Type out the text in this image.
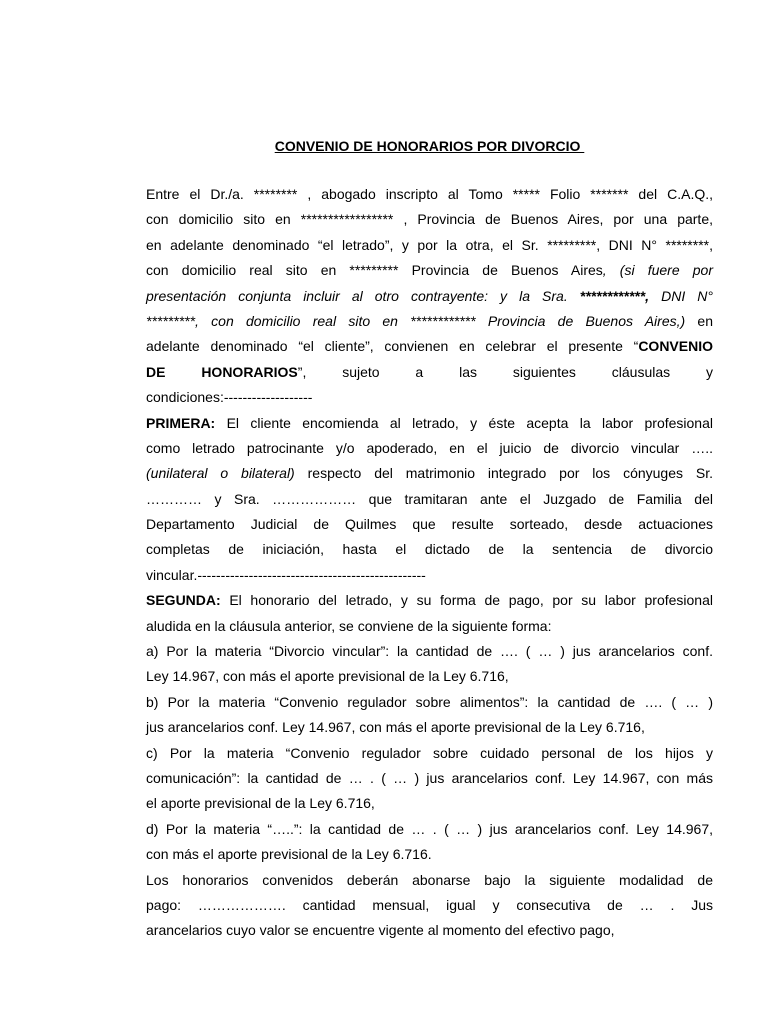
CONVENIO DE HONORARIOS POR DIVORCIO
Entre el Dr./a. ******** , abogado inscripto al Tomo ***** Folio ******* del C.A.Q.,
con domicilio sito en ***************** , Provincia de Buenos Aires, por una parte,
en adelante denominado “el letrado”, y por la otra, el Sr. *********, DNI N° ********,
con domicilio real sito en ********* Provincia de Buenos Aires, (si fuere por
presentación conjunta incluir al otro contrayente: y la Sra. ************, DNI N°
*********, con domicilio real sito en ************ Provincia de Buenos Aires,) en
adelante denominado “el cliente”, convienen en celebrar el presente “CONVENIO
DE HONORARIOS”, sujeto a las siguientes cláusulas y
condiciones:-------------------
PRIMERA: El cliente encomienda al letrado, y éste acepta la labor profesional
como letrado patrocinante y/o apoderado, en el juicio de divorcio vincular …..
(unilateral o bilateral) respecto del matrimonio integrado por los cónyuges Sr.
………… y Sra. ……………… que tramitaran ante el Juzgado de Familia del
Departamento Judicial de Quilmes que resulte sorteado, desde actuaciones
completas de iniciación, hasta el dictado de la sentencia de divorcio
vincular.-------------------------------------------------
SEGUNDA: El honorario del letrado, y su forma de pago, por su labor profesional
aludida en la cláusula anterior, se conviene de la siguiente forma:
a) Por la materia “Divorcio vincular”: la cantidad de …. ( … ) jus arancelarios conf.
Ley 14.967, con más el aporte previsional de la Ley 6.716,
b) Por la materia “Convenio regulador sobre alimentos”: la cantidad de …. ( … )
jus arancelarios conf. Ley 14.967, con más el aporte previsional de la Ley 6.716,
c) Por la materia “Convenio regulador sobre cuidado personal de los hijos y
comunicación”: la cantidad de … . ( … ) jus arancelarios conf. Ley 14.967, con más
el aporte previsional de la Ley 6.716,
d) Por la materia “…..”: la cantidad de … . ( … ) jus arancelarios conf. Ley 14.967,
con más el aporte previsional de la Ley 6.716.
Los honorarios convenidos deberán abonarse bajo la siguiente modalidad de
pago: ………………. cantidad mensual, igual y consecutiva de … . Jus
arancelarios cuyo valor se encuentre vigente al momento del efectivo pago,
